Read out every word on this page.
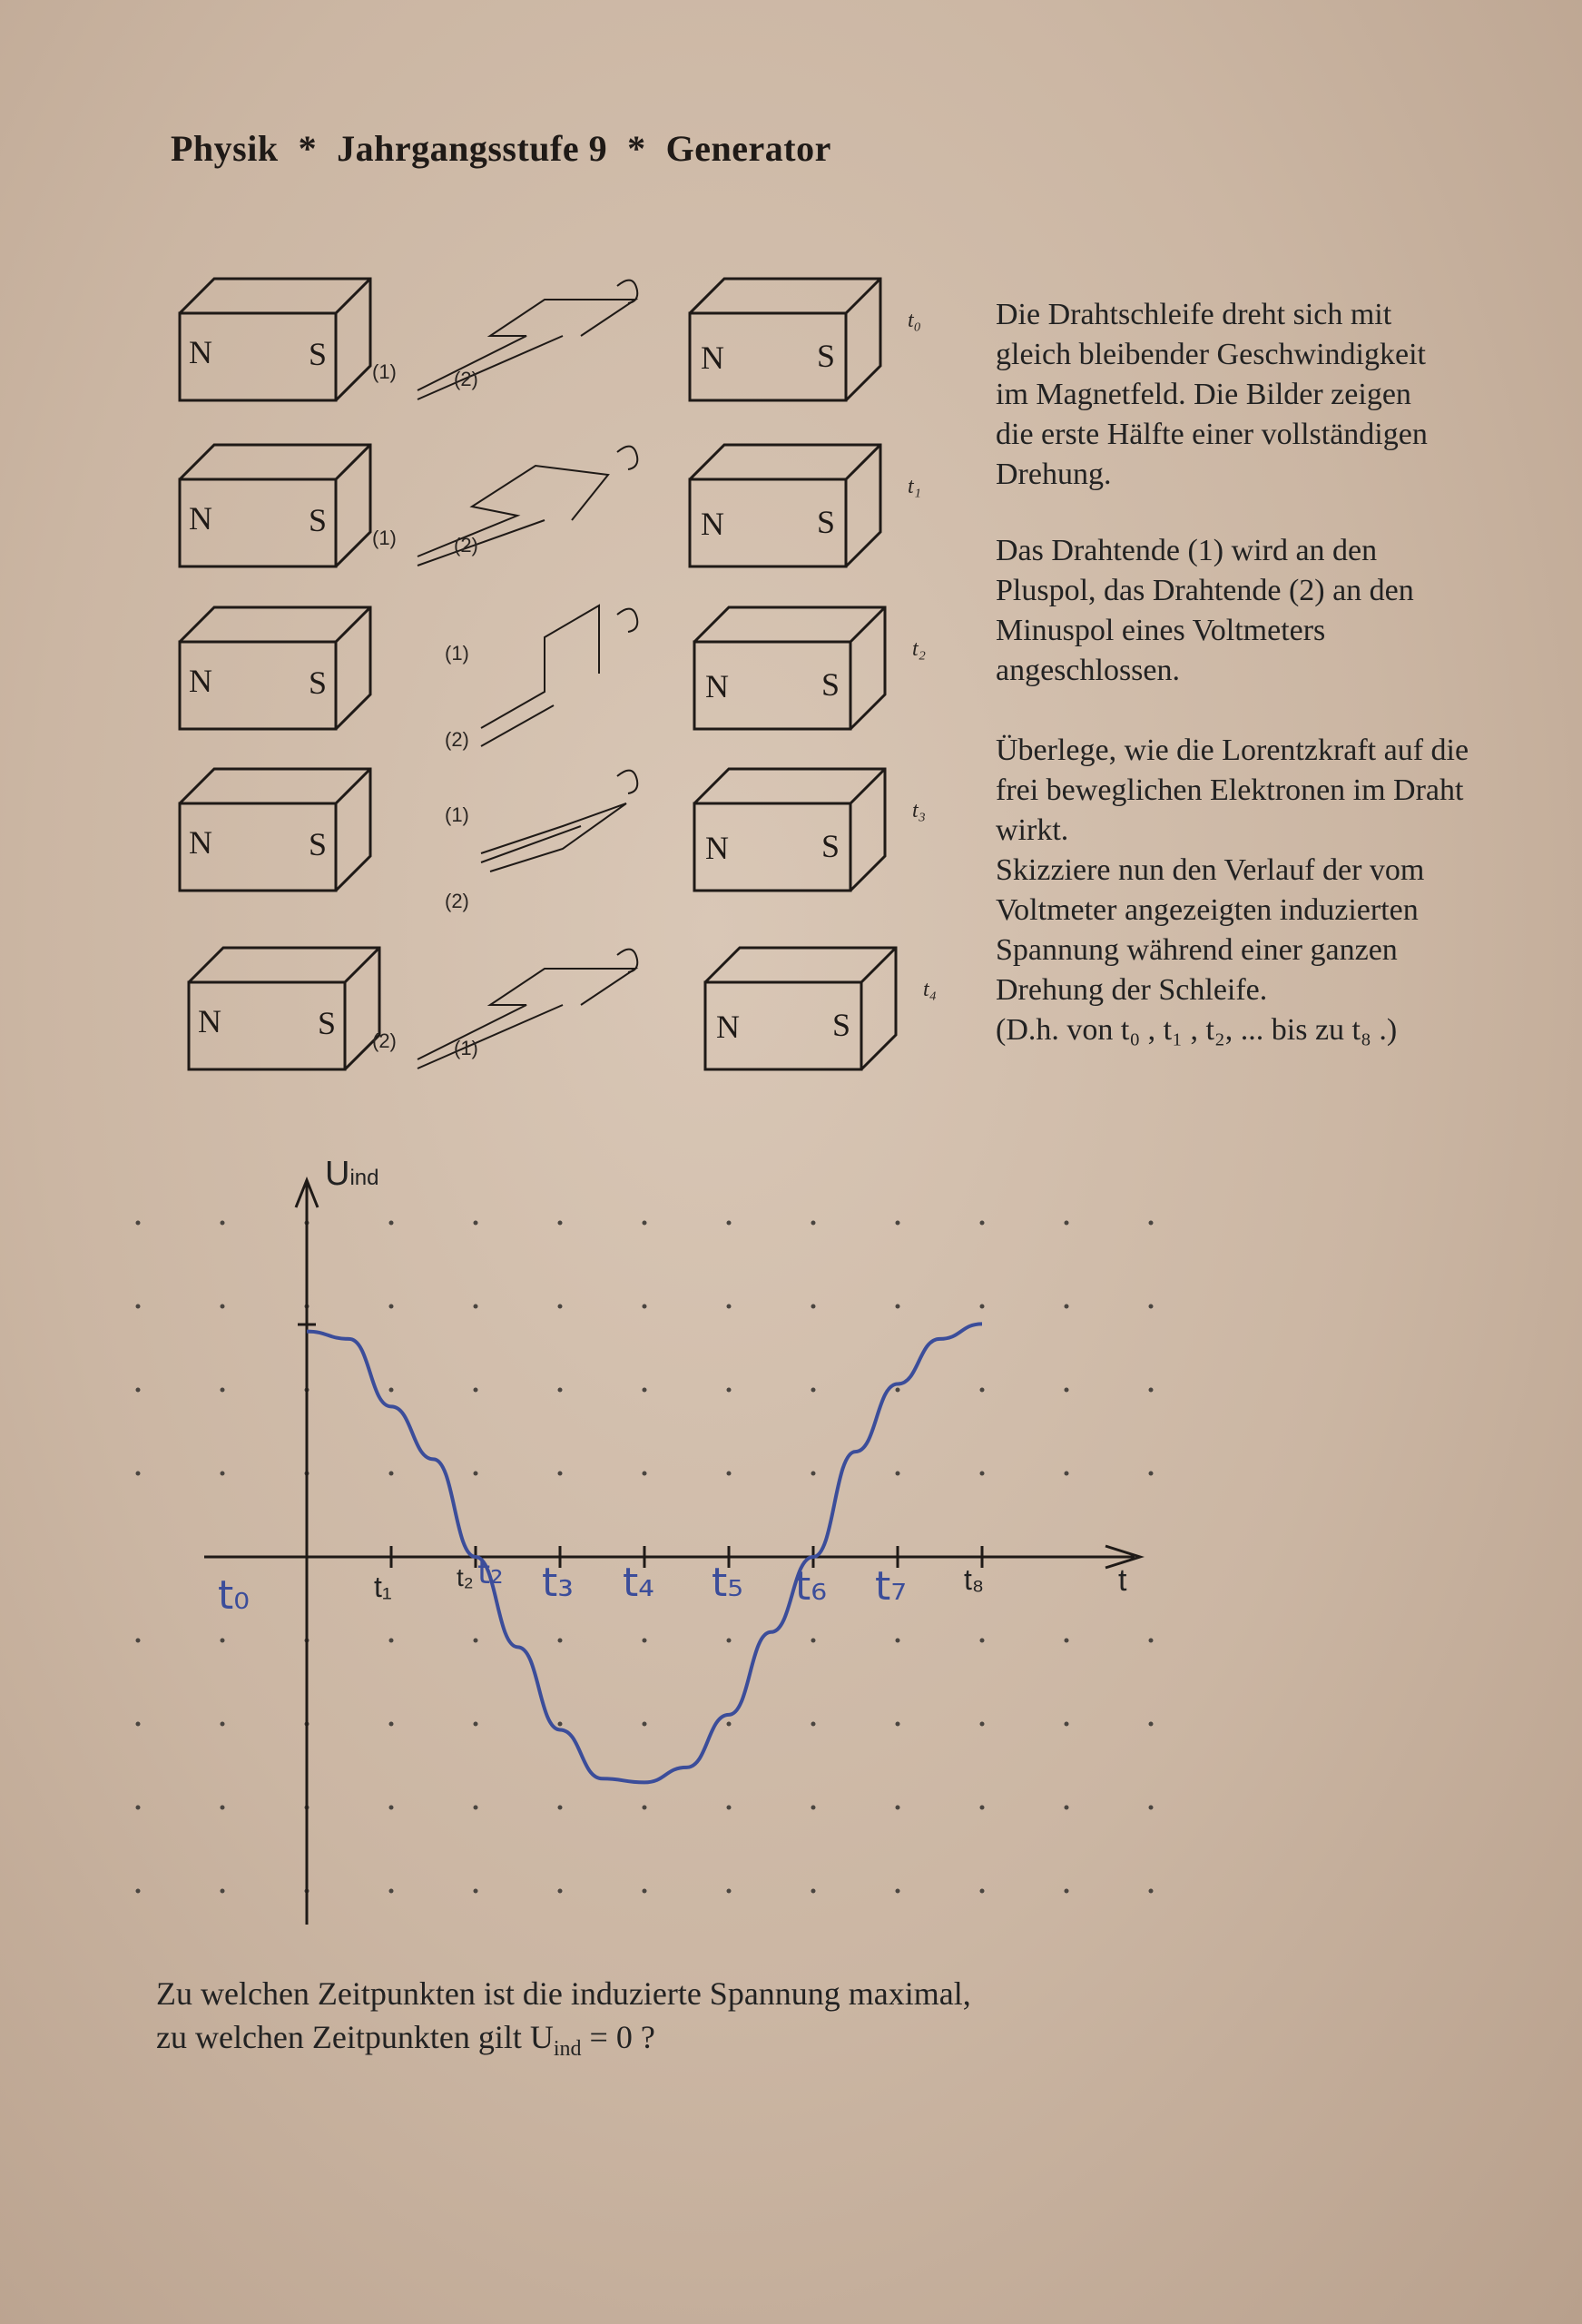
Physik * Jahrgangsstufe 9 * Generator
N	S	N	S
t₀
(1)	(2)
N	S	N	S
t₁
(1)	(2)
N	S	N	S
t₂
(1)
(2)
N	S	N	S
t₃
(1)
(2)
N	S	N	S
t₄
(2)	(1)
Die Drahtschleife dreht sich mit
gleich bleibender Geschwindigkeit
im Magnetfeld. Die Bilder zeigen
die erste Hälfte einer vollständigen
Drehung.
Das Drahtende (1) wird an den
Pluspol, das Drahtende (2) an den
Minuspol eines Voltmeters
angeschlossen.
Überlege, wie die Lorentzkraft auf die
frei beweglichen Elektronen im Draht
wirkt.
Skizziere nun den Verlauf der vom
Voltmeter angezeigten induzierten
Spannung während einer ganzen
Drehung der Schleife.
(D.h. von t₀ , t₁ , t₂, ... bis zu t₈ .)
Uind
t
t₁	t₂	t₈
t₀	t₂ t₃ t₄ t₅ t₆ t₇
Zu welchen Zeitpunkten ist die induzierte Spannung maximal,
zu welchen Zeitpunkten gilt $U_{ind} = 0$ ?
